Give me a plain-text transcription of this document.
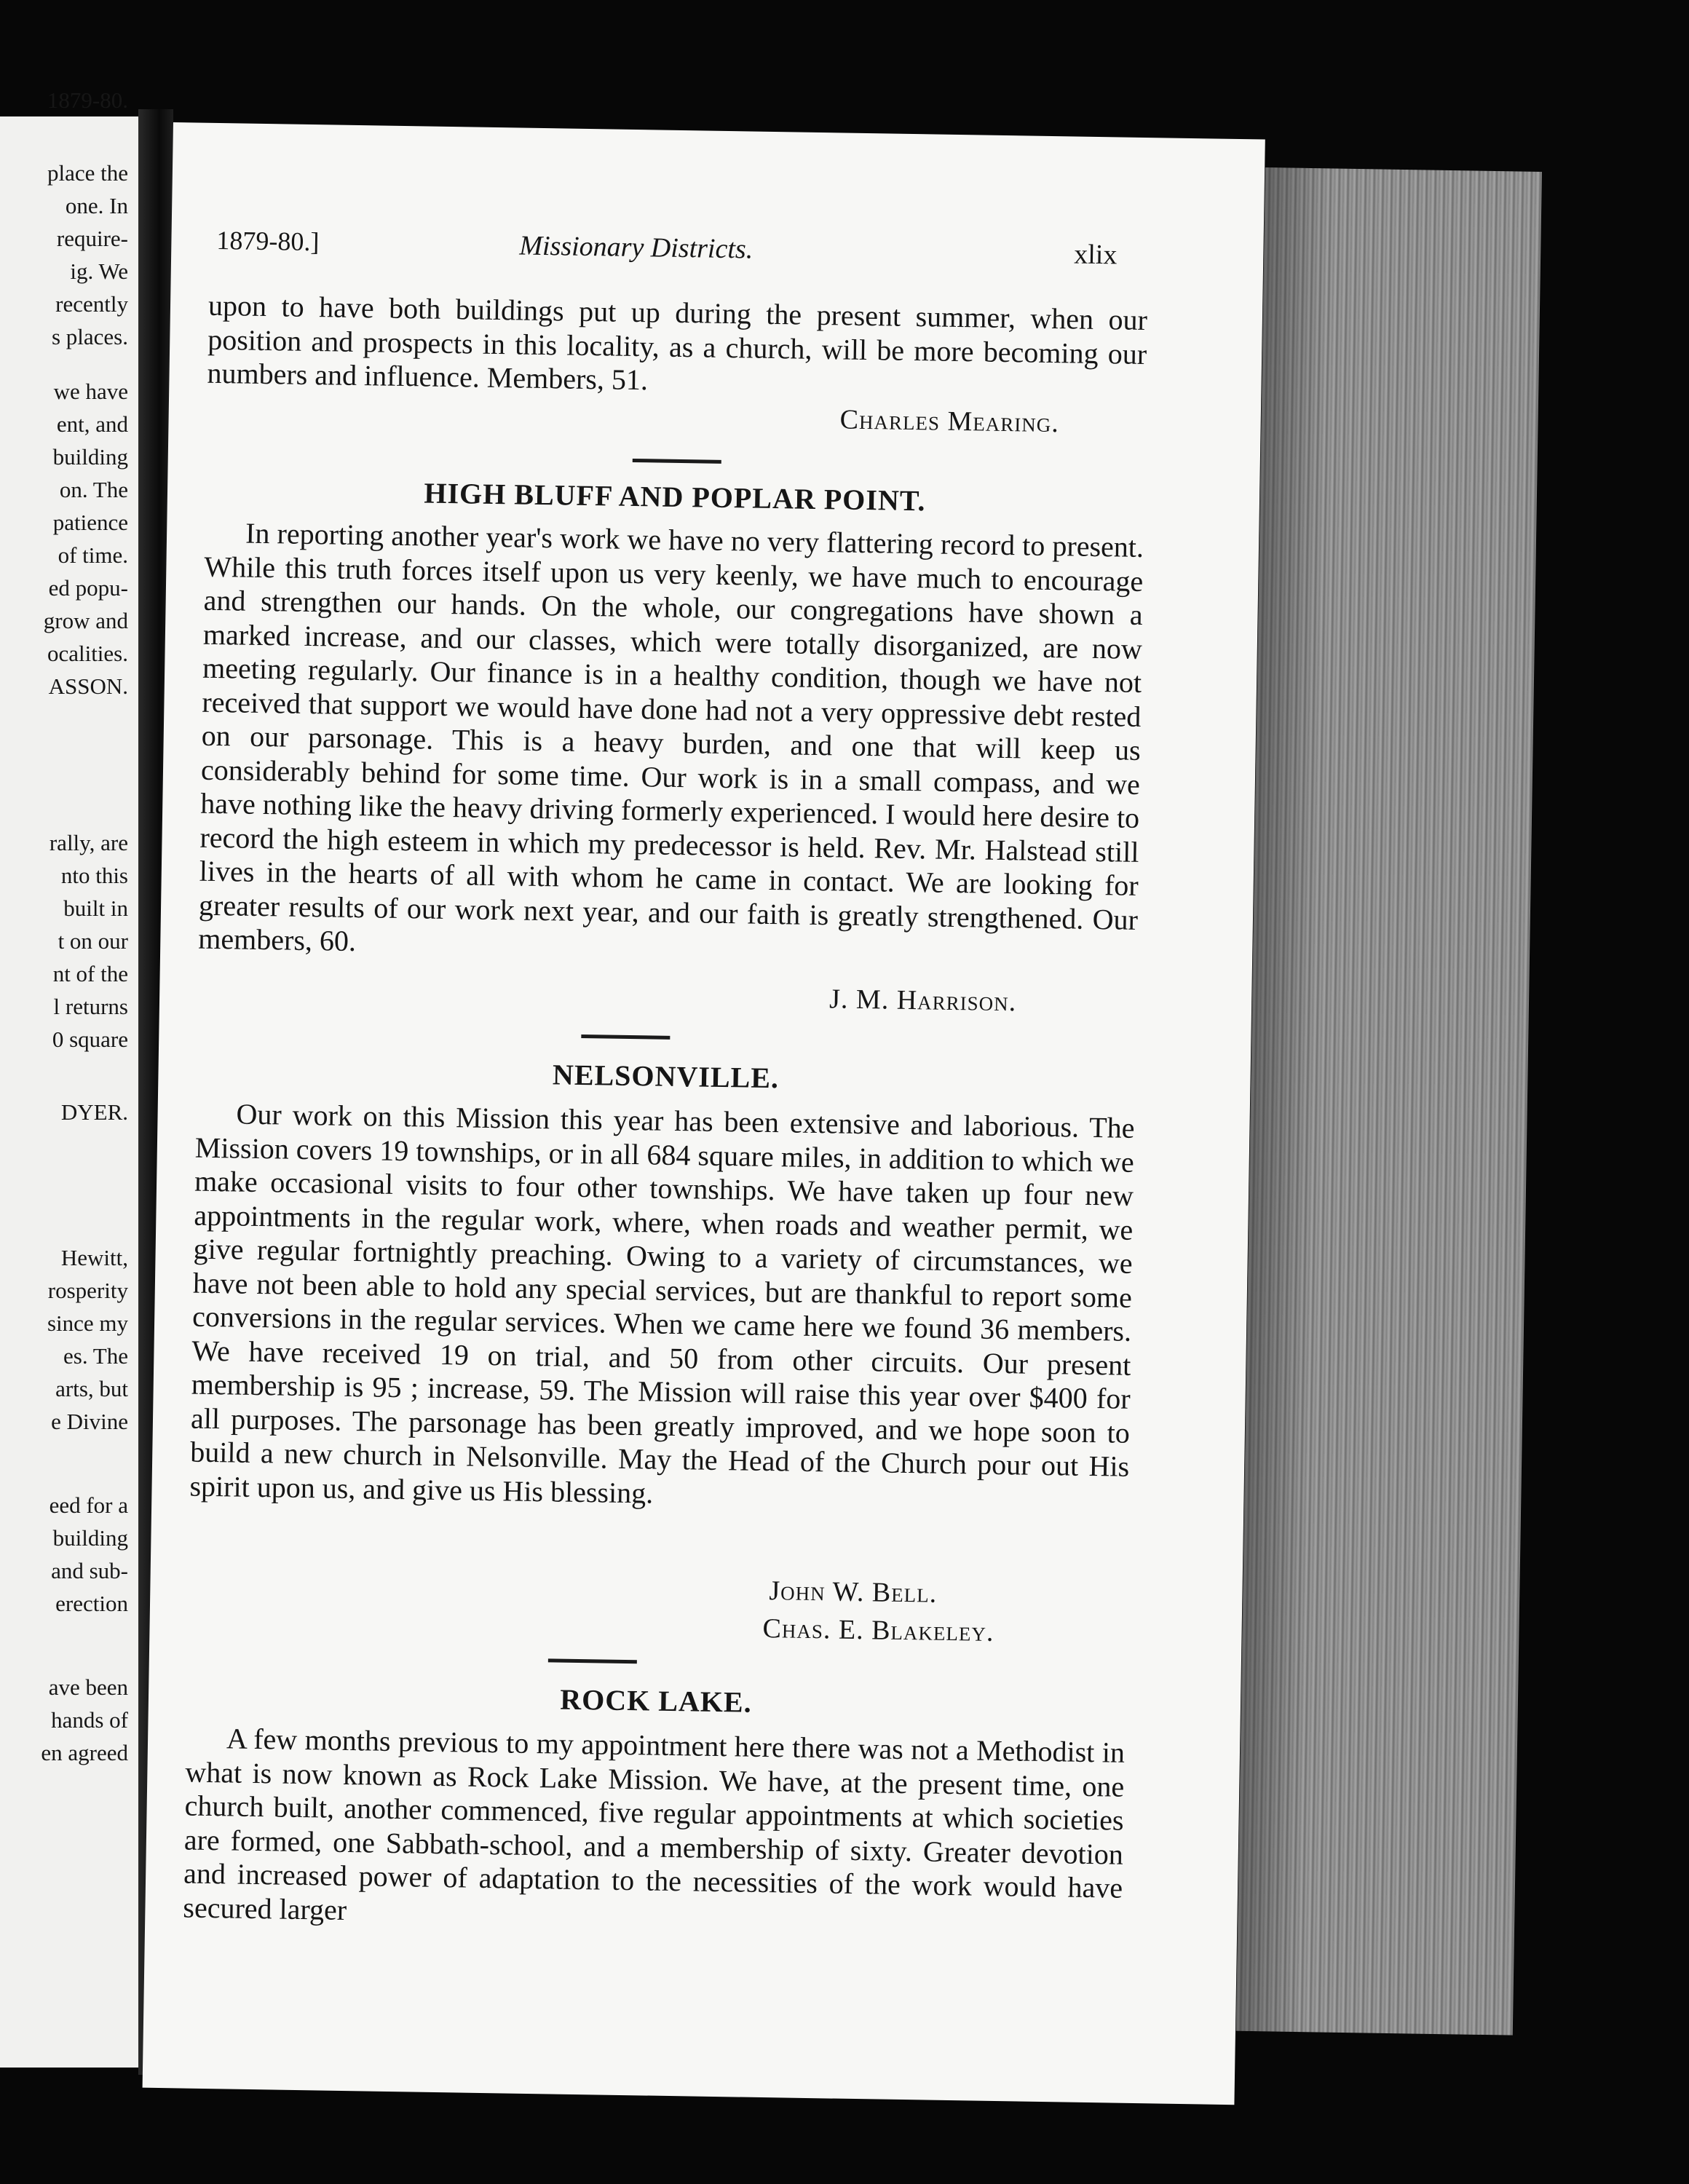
1879-80.
place the
one. In
require-
ig. We
recently
s places.
we have
ent, and
building
on. The
patience
of time.
ed popu-
grow and
ocalities.
ASSON.
rally, are
nto this
built in
t on our
nt of the
l returns
0 square
DYER.
Hewitt,
rosperity
since my
es. The
arts, but
e Divine
eed for a
building
and sub-
erection
ave been
hands of
en agreed
1879-80.]	Missionary Districts.	xlix
upon to have both buildings put up during the present summer, when our position and prospects in this locality, as a church, will be more becoming our numbers and influence. Members, 51.
Charles Mearing.
HIGH BLUFF AND POPLAR POINT.
In reporting another year's work we have no very flattering record to present. While this truth forces itself upon us very keenly, we have much to encourage and strengthen our hands. On the whole, our congregations have shown a marked increase, and our classes, which were totally disorganized, are now meeting regularly. Our finance is in a healthy condition, though we have not received that support we would have done had not a very oppressive debt rested on our parsonage. This is a heavy burden, and one that will keep us considerably behind for some time. Our work is in a small compass, and we have nothing like the heavy driving formerly experienced. I would here desire to record the high esteem in which my predecessor is held. Rev. Mr. Halstead still lives in the hearts of all with whom he came in contact. We are looking for greater results of our work next year, and our faith is greatly strengthened. Our members, 60.
J. M. Harrison.
NELSONVILLE.
Our work on this Mission this year has been extensive and laborious. The Mission covers 19 townships, or in all 684 square miles, in addition to which we make occasional visits to four other townships. We have taken up four new appointments in the regular work, where, when roads and weather permit, we give regular fortnightly preaching. Owing to a variety of circumstances, we have not been able to hold any special services, but are thankful to report some conversions in the regular services. When we came here we found 36 members. We have received 19 on trial, and 50 from other circuits. Our present membership is 95 ; increase, 59. The Mission will raise this year over $400 for all purposes. The parsonage has been greatly improved, and we hope soon to build a new church in Nelsonville. May the Head of the Church pour out His spirit upon us, and give us His blessing.
John W. Bell.
Chas. E. Blakeley.
ROCK LAKE.
A few months previous to my appointment here there was not a Methodist in what is now known as Rock Lake Mission. We have, at the present time, one church built, another commenced, five regular appointments at which societies are formed, one Sabbath-school, and a membership of sixty. Greater devotion and increased power of adaptation to the necessities of the work would have secured larger
